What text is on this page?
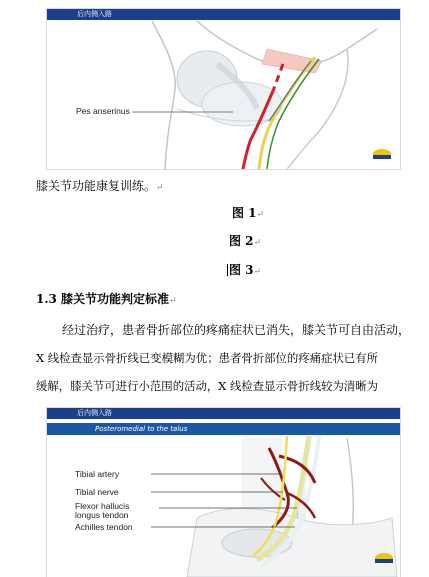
后内侧入路
Pes anserinus
膝关节功能康复训练。↵
图 1↵
图 2↵
图 3↵
1.3 膝关节功能判定标准↵
经过治疗，患者骨折部位的疼痛症状已消失，膝关节可自由活动，
X 线检查显示骨折线已变模糊为优；患者骨折部位的疼痛症状已有所
缓解，膝关节可进行小范围的活动，X 线检查显示骨折线较为清晰为
后内侧入路
Posteromedial to the talus
Tibial artery
Tibial nerve
Flexor hallucis
longus tendon
Achilles tendon
